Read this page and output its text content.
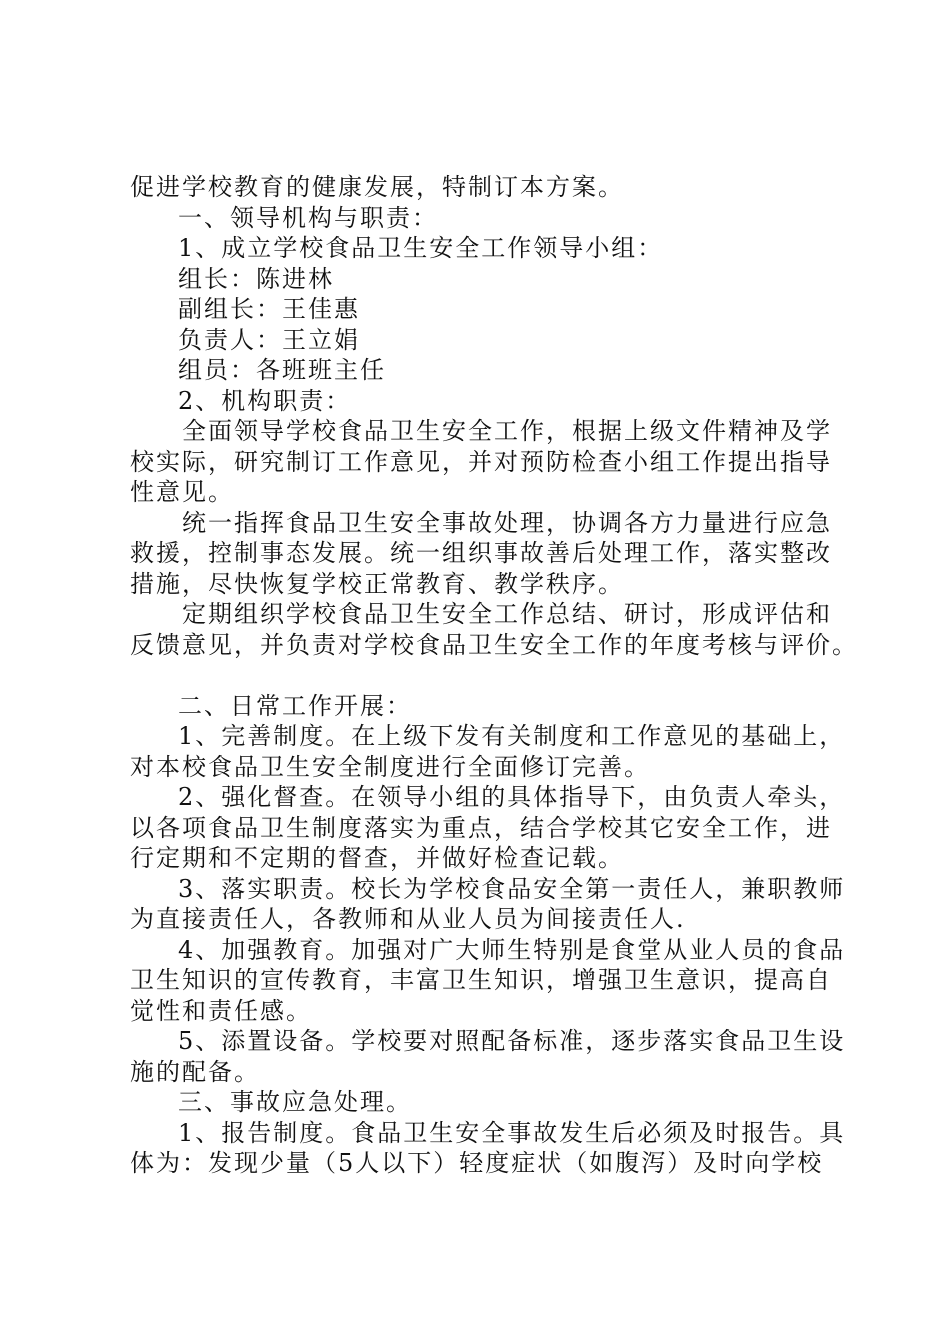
促进学校教育的健康发展，特制订本方案。
一、领导机构与职责：
1、成立学校食品卫生安全工作领导小组：
组长：陈进林
副组长：王佳惠
负责人：王立娟
组员：各班班主任
2、机构职责：
全面领导学校食品卫生安全工作，根据上级文件精神及学
校实际，研究制订工作意见，并对预防检查小组工作提出指导
性意见。
统一指挥食品卫生安全事故处理，协调各方力量进行应急
救援，控制事态发展。统一组织事故善后处理工作，落实整改
措施，尽快恢复学校正常教育、教学秩序。
定期组织学校食品卫生安全工作总结、研讨，形成评估和
反馈意见，并负责对学校食品卫生安全工作的年度考核与评价。
二、日常工作开展：
1、完善制度。在上级下发有关制度和工作意见的基础上，
对本校食品卫生安全制度进行全面修订完善。
2、强化督查。在领导小组的具体指导下，由负责人牵头，
以各项食品卫生制度落实为重点，结合学校其它安全工作，进
行定期和不定期的督查，并做好检查记载。
3、落实职责。校长为学校食品安全第一责任人，兼职教师
为直接责任人，各教师和从业人员为间接责任人.
4、加强教育。加强对广大师生特别是食堂从业人员的食品
卫生知识的宣传教育，丰富卫生知识，增强卫生意识，提高自
觉性和责任感。
5、添置设备。学校要对照配备标准，逐步落实食品卫生设
施的配备。
三、事故应急处理。
1、报告制度。食品卫生安全事故发生后必须及时报告。具
体为：发现少量（5人以下）轻度症状（如腹泻）及时向学校
